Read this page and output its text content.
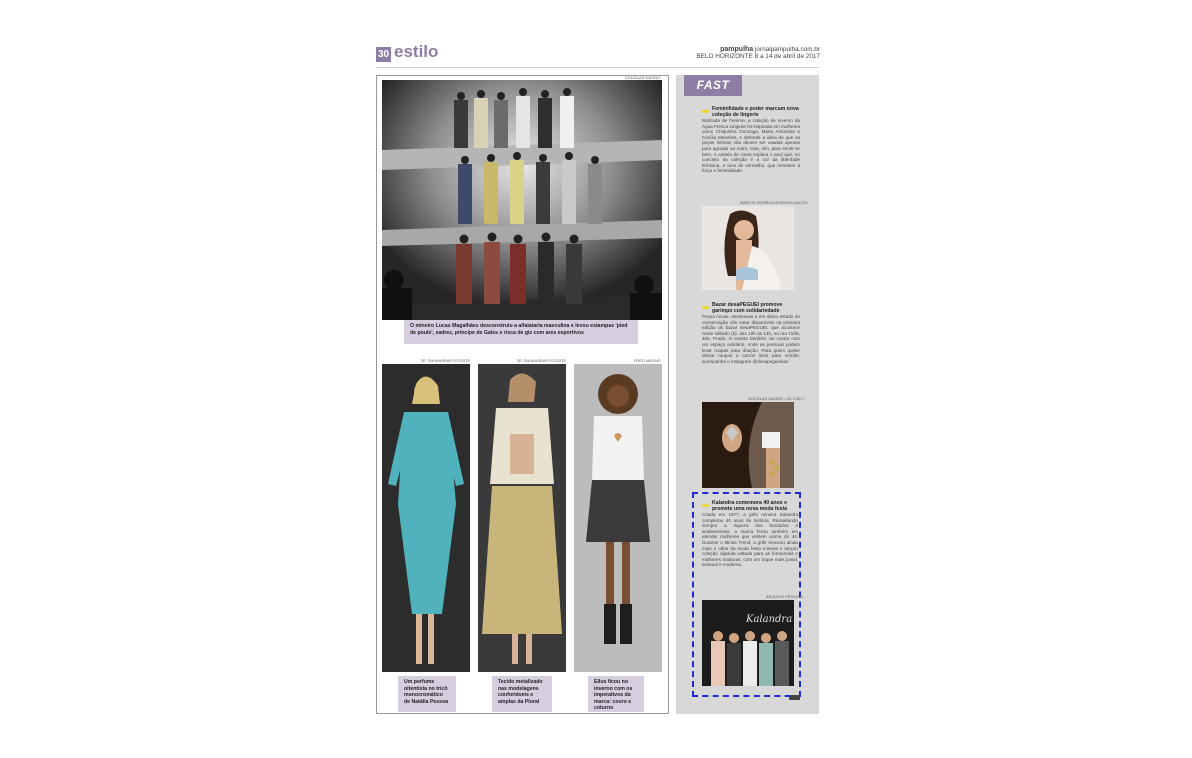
30 estilo	pampulha jornalpampulha.com.br
BELO HORIZONTE 8 a 14 de abril de 2017
DOUGLAS MAGNO
O mineiro Lucas Magalhães desconstruiu a alfaiataria masculina e levou estampas 'pied de poule', xadrez, príncipe de Gales e risca de giz com ares esportivos
ZE TAKAHASHI/FOTOSITE	ZE TAKAHASHI/FOTOSITE	FRED MAGNO
Um perfume oitentista no tricô monocromático de Natália Pessoa
Tecido metalizado nas modelagens confortáveis e amplas da Plural
Ellus ficou no inverno com os imperativos da marca: couro e coturno
FAST
Feminilidade e poder marcam nova coleção de lingerie
Batizada de Femme, a coleção de inverno da Água Fresca Lingerie foi inspirada em mulheres como Chiquinha Gonzaga, Maria Antonieta e Cecília Meirelles, e defende a ideia de que as peças íntimas não devem ser usadas apenas para agradar ao outro, mas, sim, para sentir-se bem. A cartela de cores explora o azul que, no conceito da coleção é a cor da liberdade feminina, e tons de vermelho, que remetem à força e feminilidade.
MARCIO RODRIGUES/DIVULGAÇÃO
Bazar desaPEGUEI promove garimpo com solidariedade
Peças novas, seminovas e em ótimo estado de conservação vão estar disponíveis na primeira edição do bazar desaPEGUEI, que acontece neste sábado (8), das 10h às 14h, na rua Turfa, 465, Prado. O evento também vai contar com um espaço solidário, onde as pessoas podem levar roupas para doação. Para quem quiser deixar roupas e outros itens para vender, acompanhe o instagram @desapegueibaz
DOUGLAS MAGNO • 30.3.2017
Kalandra comemora 40 anos e promete uma nova moda festa
Criada em 1977, a grife mineira Kalandra completou 40 anos de história. Ressaltando sempre a riqueza dos bordados e acabamentos, a marca focou também em atender mulheres que vestem acima do 44. Durante o Minas Trend, a grife renovou ainda mais o olhar da moda festa mineira e lançou coleção cápsula voltada para as formandas e mulheres maduras, com um toque mais jovial, sensual e moderno.
ARQUIVO PESSOAL
Kalandra
